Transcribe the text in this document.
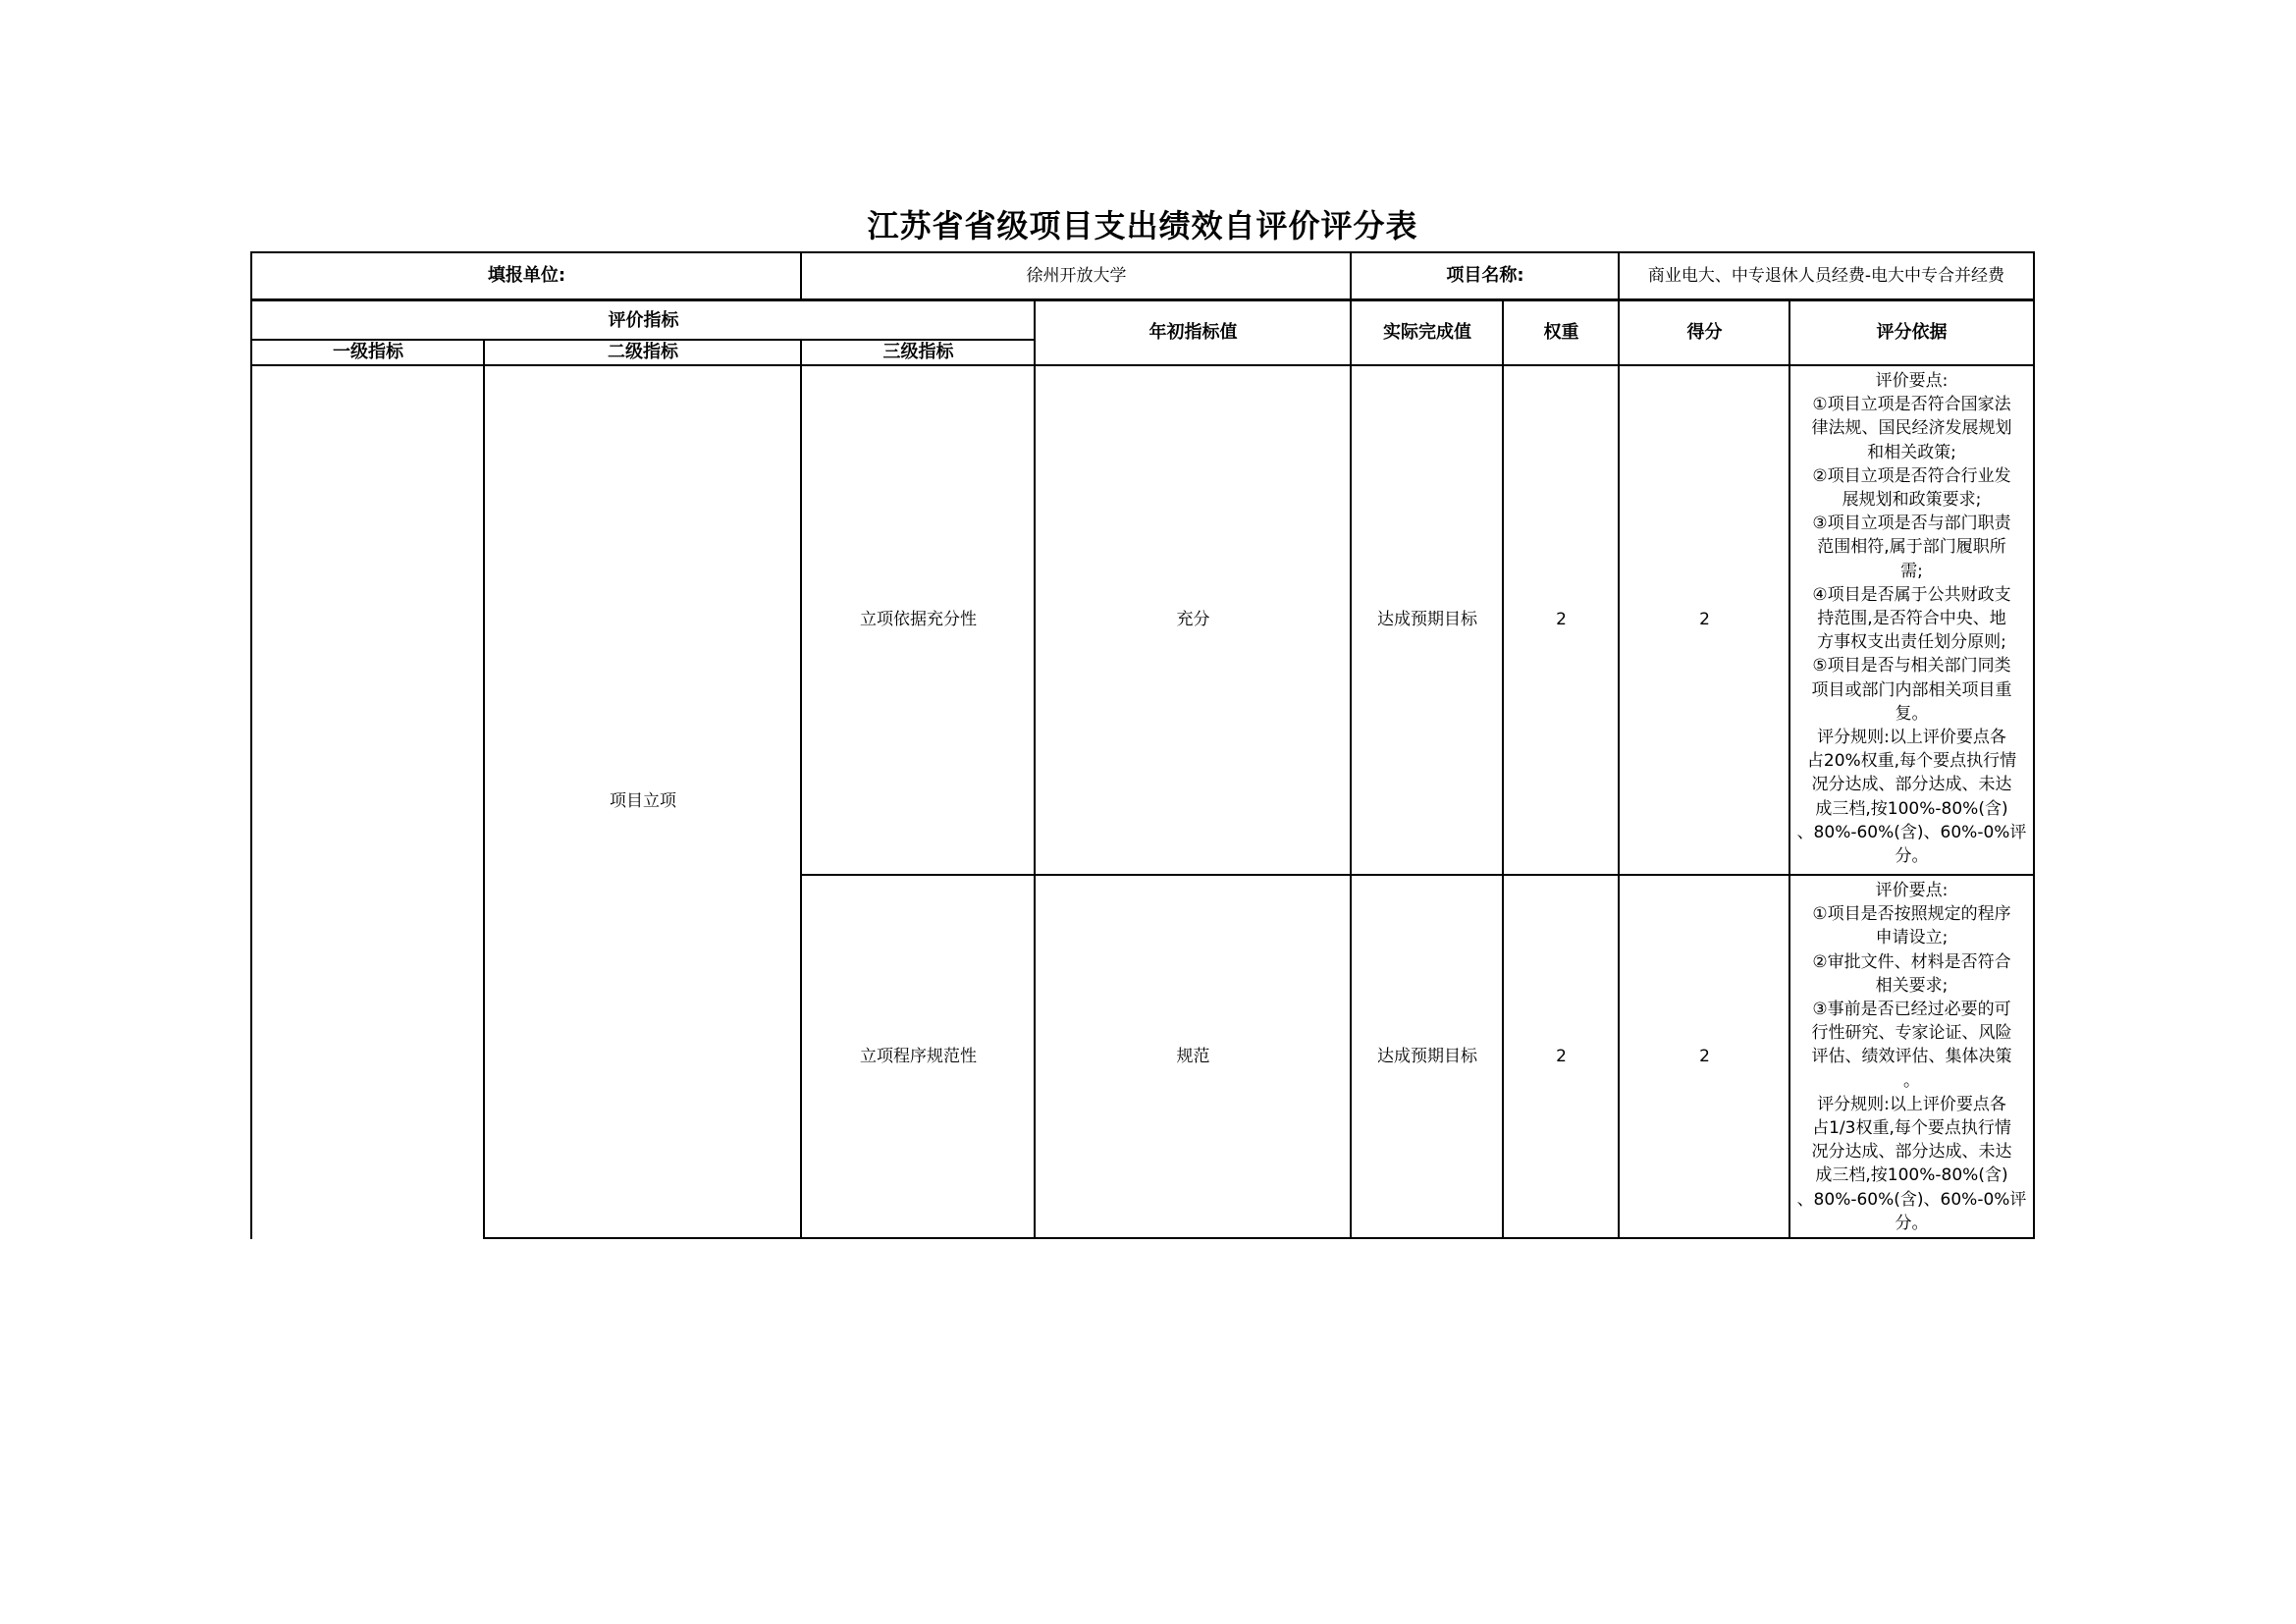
江苏省省级项目支出绩效自评价评分表
填报单位:	徐州开放大学	项目名称:	商业电大、中专退休人员经费-电大中专合并经费
评价指标
一级指标	二级指标	三级指标
年初指标值	实际完成值	权重	得分	评分依据
项目立项
立项依据充分性	充分	达成预期目标	2	2
评价要点:
①项目立项是否符合国家法
律法规、国民经济发展规划
和相关政策;
②项目立项是否符合行业发
展规划和政策要求;
③项目立项是否与部门职责
范围相符,属于部门履职所
需;
④项目是否属于公共财政支
持范围,是否符合中央、地
方事权支出责任划分原则;
⑤项目是否与相关部门同类
项目或部门内部相关项目重
复。
评分规则:以上评价要点各
占20%权重,每个要点执行情
况分达成、部分达成、未达
成三档,按100%-80%(含)
、80%-60%(含)、60%-0%评
分。
立项程序规范性	规范	达成预期目标	2	2
评价要点:
①项目是否按照规定的程序
申请设立;
②审批文件、材料是否符合
相关要求;
③事前是否已经过必要的可
行性研究、专家论证、风险
评估、绩效评估、集体决策
。
评分规则:以上评价要点各
占1/3权重,每个要点执行情
况分达成、部分达成、未达
成三档,按100%-80%(含)
、80%-60%(含)、60%-0%评
分。
